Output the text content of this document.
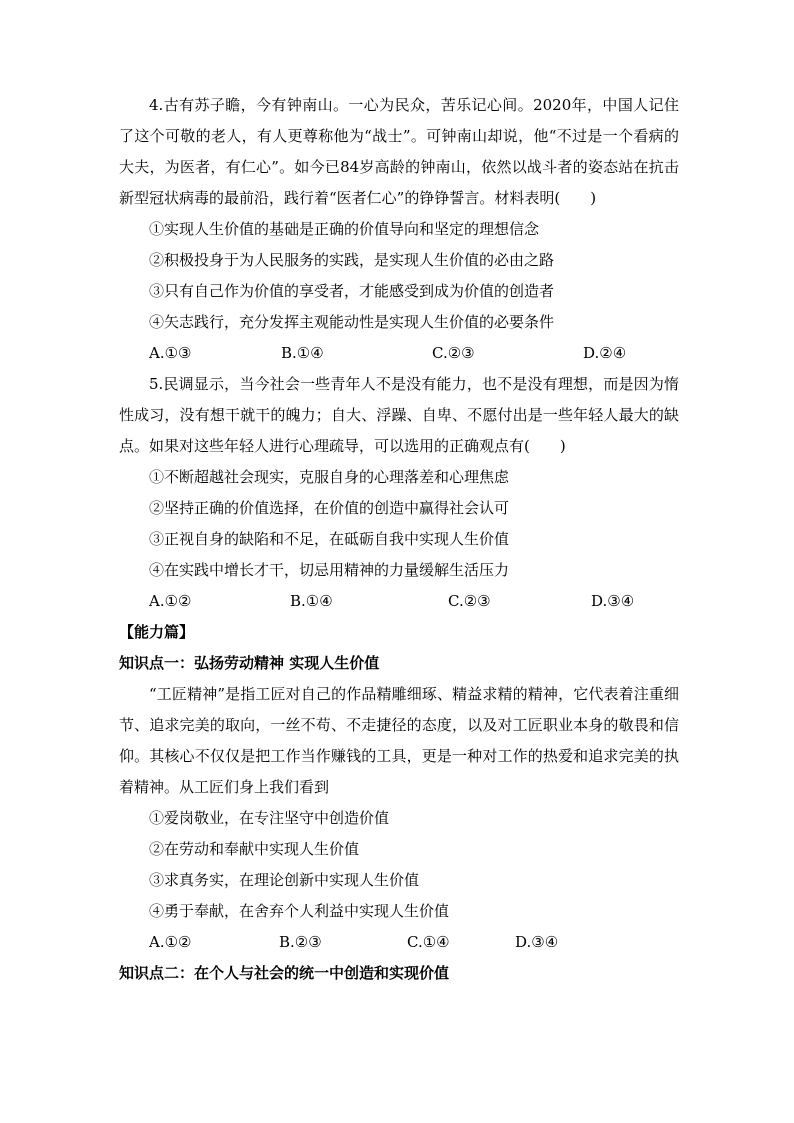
4.古有苏子瞻，今有钟南山。一心为民众，苦乐记心间。2020年，中国人记住了这个可敬的老人，有人更尊称他为“战士”。可钟南山却说，他“不过是一个看病的大夫，为医者，有仁心”。如今已84岁高龄的钟南山，依然以战斗者的姿态站在抗击新型冠状病毒的最前沿，践行着“医者仁心”的铮铮誓言。材料表明(　　)

①实现人生价值的基础是正确的价值导向和坚定的理想信念

②积极投身于为人民服务的实践，是实现人生价值的必由之路

③只有自己作为价值的享受者，才能感受到成为价值的创造者

④矢志践行，充分发挥主观能动性是实现人生价值的必要条件

A.①③	B.①④	C.②③	D.②④

5.民调显示，当今社会一些青年人不是没有能力，也不是没有理想，而是因为惰性成习，没有想干就干的魄力；自大、浮躁、自卑、不愿付出是一些年轻人最大的缺点。如果对这些年轻人进行心理疏导，可以选用的正确观点有(　　)

①不断超越社会现实，克服自身的心理落差和心理焦虑

②坚持正确的价值选择，在价值的创造中赢得社会认可

③正视自身的缺陷和不足，在砥砺自我中实现人生价值

④在实践中增长才干，切忌用精神的力量缓解生活压力

A.①②	B.①④	C.②③	D.③④

【能力篇】

知识点一：弘扬劳动精神 实现人生价值

“工匠精神”是指工匠对自己的作品精雕细琢、精益求精的精神，它代表着注重细节、追求完美的取向，一丝不苟、不走捷径的态度，以及对工匠职业本身的敬畏和信仰。其核心不仅仅是把工作当作赚钱的工具，更是一种对工作的热爱和追求完美的执着精神。从工匠们身上我们看到

①爱岗敬业，在专注坚守中创造价值

②在劳动和奉献中实现人生价值

③求真务实，在理论创新中实现人生价值

④勇于奉献，在舍弃个人利益中实现人生价值

A.①②	B.②③	C.①④	D.③④

知识点二：在个人与社会的统一中创造和实现价值
